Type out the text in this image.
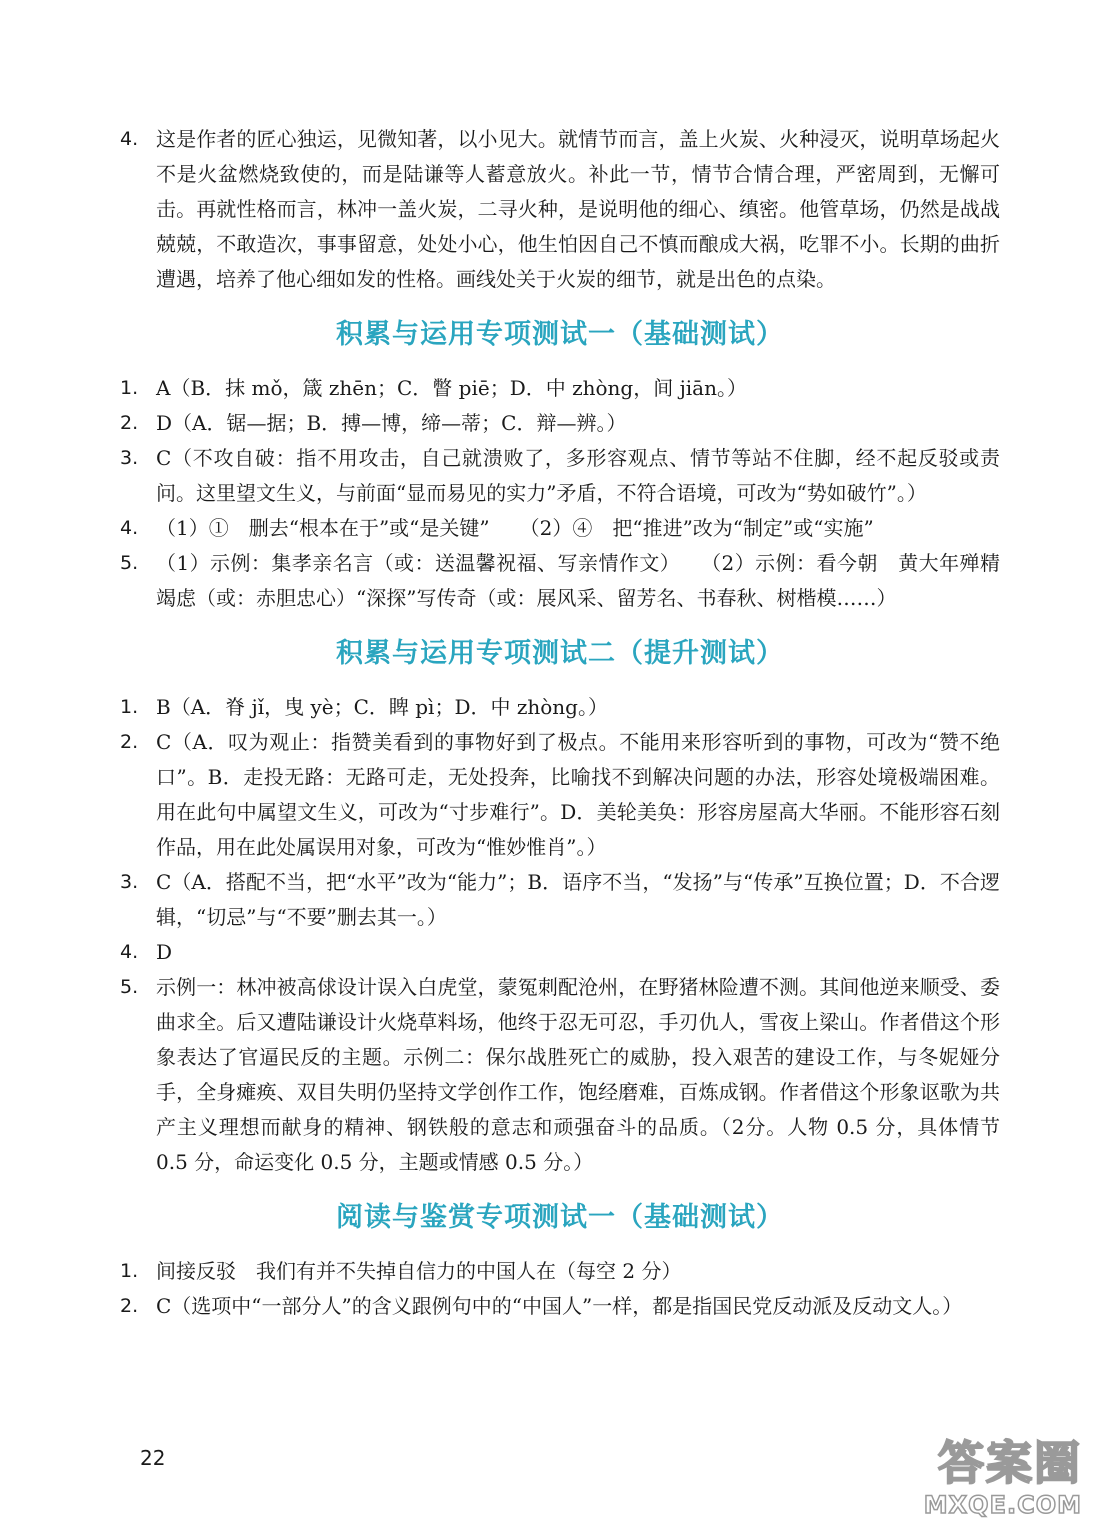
4. 这是作者的匠心独运，见微知著，以小见大。就情节而言，盖上火炭、火种浸灭，说明草场起火不是火盆燃烧致使的，而是陆谦等人蓄意放火。补此一节，情节合情合理，严密周到，无懈可击。再就性格而言，林冲一盖火炭，二寻火种，是说明他的细心、缜密。他管草场，仍然是战战兢兢，不敢造次，事事留意，处处小心，他生怕因自己不慎而酿成大祸，吃罪不小。长期的曲折遭遇，培养了他心细如发的性格。画线处关于火炭的细节，就是出色的点染。

积累与运用专项测试一（基础测试）

1. A（B．抹 mǒ，箴 zhēn；C．瞥 piē；D．中 zhòng，间 jiān。）

2. D（A．锯—据；B．搏—博，缔—蒂；C．辩—辨。）

3. C（不攻自破：指不用攻击，自己就溃败了，多形容观点、情节等站不住脚，经不起反驳或责问。这里望文生义，与前面“显而易见的实力”矛盾，不符合语境，可改为“势如破竹”。）

4. （1）①　删去“根本在于”或“是关键”　　（2）④　把“推进”改为“制定”或“实施”

5. （1）示例：集孝亲名言（或：送温馨祝福、写亲情作文）　　（2）示例：看今朝　黄大年殚精竭虑（或：赤胆忠心）“深探”写传奇（或：展风采、留芳名、书春秋、树楷模……）

积累与运用专项测试二（提升测试）

1. B（A．脊 jǐ，曳 yè；C．睥 pì；D．中 zhòng。）

2. C（A．叹为观止：指赞美看到的事物好到了极点。不能用来形容听到的事物，可改为“赞不绝口”。B．走投无路：无路可走，无处投奔，比喻找不到解决问题的办法，形容处境极端困难。用在此句中属望文生义，可改为“寸步难行”。D．美轮美奂：形容房屋高大华丽。不能形容石刻作品，用在此处属误用对象，可改为“惟妙惟肖”。）

3. C（A．搭配不当，把“水平”改为“能力”；B．语序不当，“发扬”与“传承”互换位置；D．不合逻辑，“切忌”与“不要”删去其一。）

4. D

5. 示例一：林冲被高俅设计误入白虎堂，蒙冤刺配沧州，在野猪林险遭不测。其间他逆来顺受、委曲求全。后又遭陆谦设计火烧草料场，他终于忍无可忍，手刃仇人，雪夜上梁山。作者借这个形象表达了官逼民反的主题。示例二：保尔战胜死亡的威胁，投入艰苦的建设工作，与冬妮娅分手，全身瘫痪、双目失明仍坚持文学创作工作，饱经磨难，百炼成钢。作者借这个形象讴歌为共产主义理想而献身的精神、钢铁般的意志和顽强奋斗的品质。（2分。人物 0.5 分，具体情节 0.5 分，命运变化 0.5 分，主题或情感 0.5 分。）

阅读与鉴赏专项测试一（基础测试）

1. 间接反驳　我们有并不失掉自信力的中国人在（每空 2 分）

2. C（选项中“一部分人”的含义跟例句中的“中国人”一样，都是指国民党反动派及反动文人。）

22	答案圈
MXQE.COM
